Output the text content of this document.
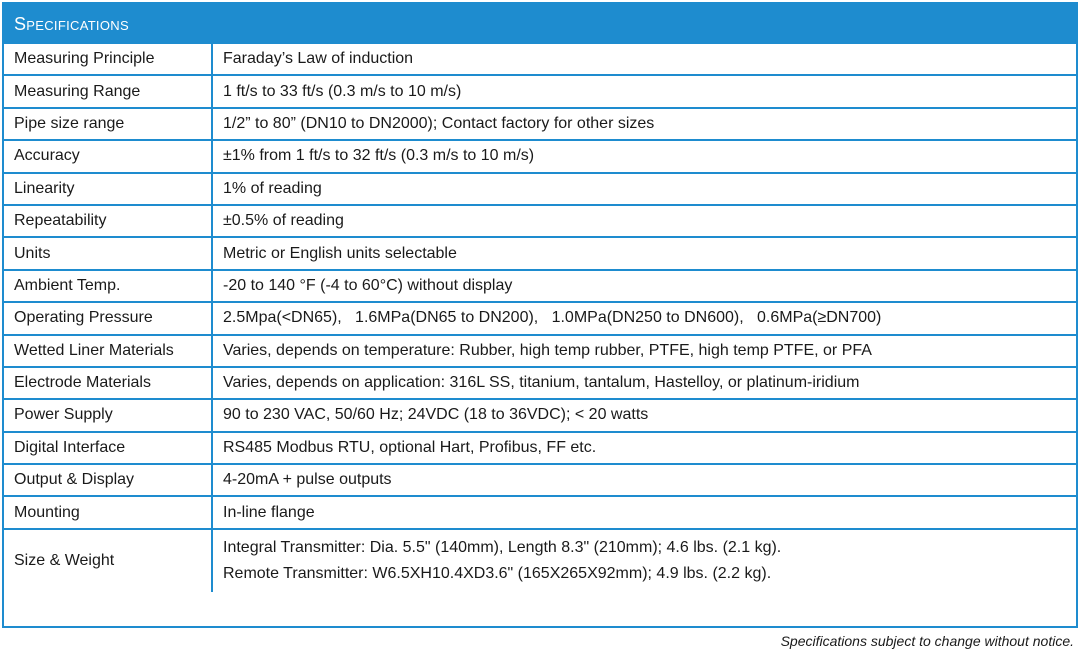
Specifications
Measuring Principle	Faraday’s Law of induction
Measuring Range	1 ft/s to 33 ft/s (0.3 m/s to 10 m/s)
Pipe size range	1/2” to 80” (DN10 to DN2000); Contact factory for other sizes
Accuracy	±1% from 1 ft/s to 32 ft/s (0.3 m/s to 10 m/s)
Linearity	1% of reading
Repeatability	±0.5% of reading
Units	Metric or English units selectable
Ambient Temp.	-20 to 140 °F (-4 to 60°C) without display
Operating Pressure	2.5Mpa(<DN65),   1.6MPa(DN65 to DN200),   1.0MPa(DN250 to DN600),   0.6MPa(≥DN700)
Wetted Liner Materials	Varies, depends on temperature: Rubber, high temp rubber, PTFE, high temp PTFE, or PFA
Electrode Materials	Varies, depends on application: 316L SS, titanium, tantalum, Hastelloy, or platinum-iridium
Power Supply	90 to 230 VAC, 50/60 Hz; 24VDC (18 to 36VDC); < 20 watts
Digital Interface	RS485 Modbus RTU, optional Hart, Profibus, FF etc.
Output & Display	4-20mA + pulse outputs
Mounting	In-line flange
Size & Weight	Integral Transmitter: Dia. 5.5" (140mm), Length 8.3" (210mm); 4.6 lbs. (2.1 kg).
Remote Transmitter: W6.5XH10.4XD3.6" (165X265X92mm); 4.9 lbs. (2.2 kg).
Specifications subject to change without notice.
